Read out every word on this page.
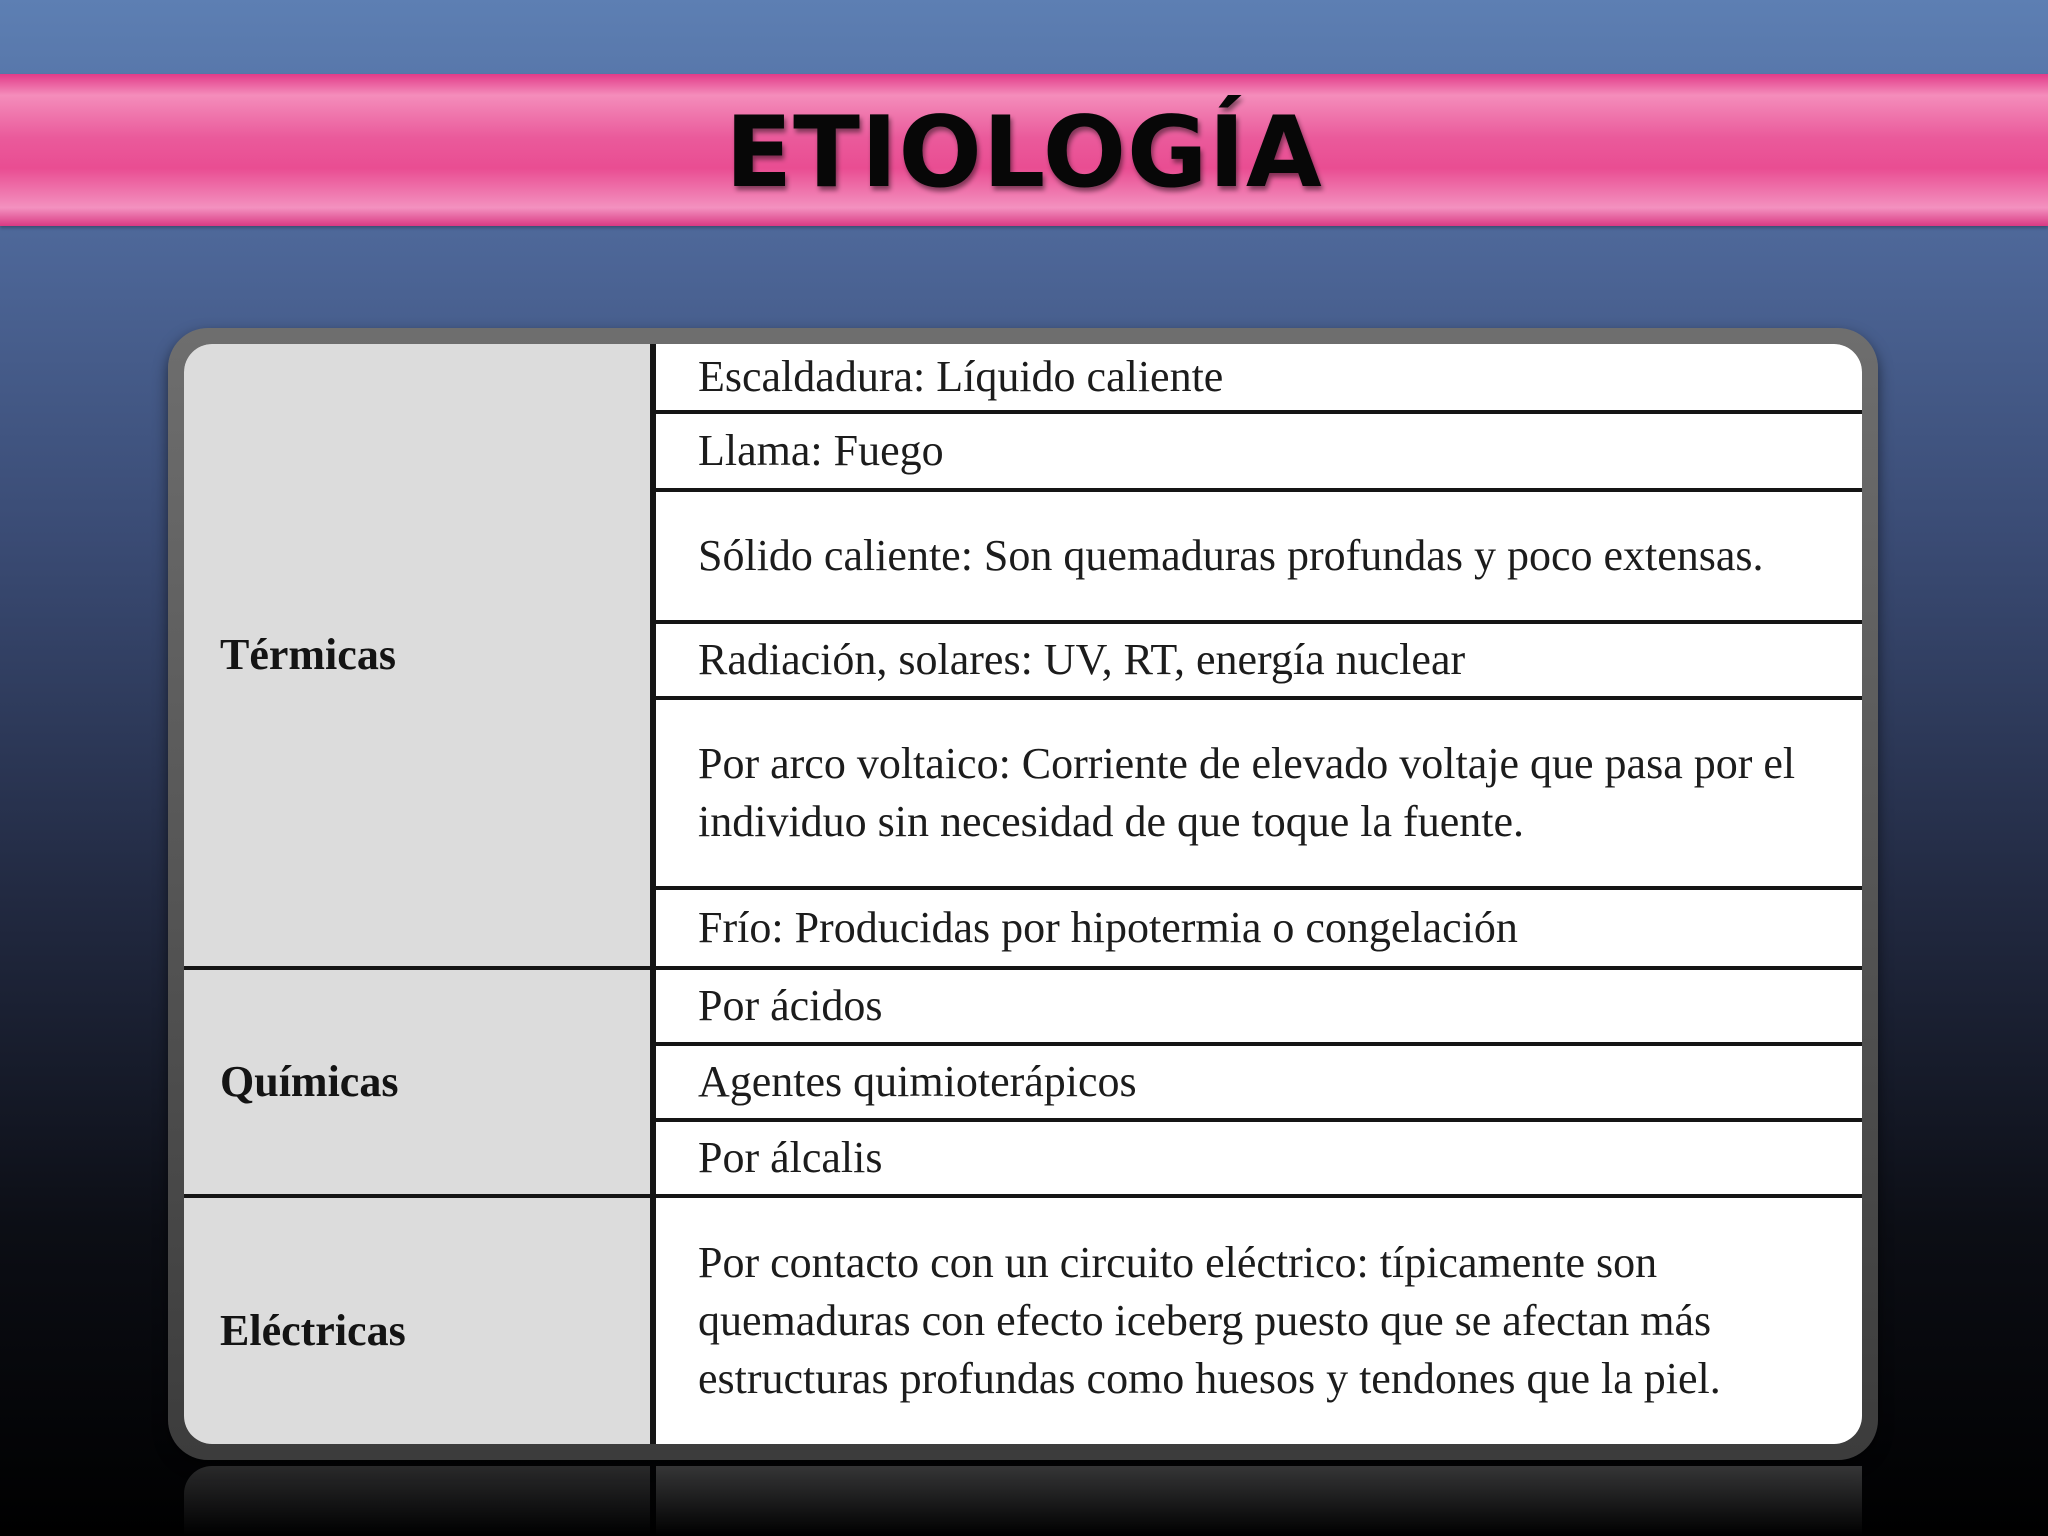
ETIOLOGÍA
Térmicas
Escaldadura: Líquido caliente
Llama: Fuego
Sólido caliente: Son quemaduras profundas y poco extensas.
Radiación, solares: UV, RT, energía nuclear
Por arco voltaico: Corriente de elevado voltaje que pasa por el individuo sin necesidad de que toque la fuente.
Frío: Producidas por hipotermia o congelación
Químicas
Por ácidos
Agentes quimioterápicos
Por álcalis
Eléctricas
Por contacto con un circuito eléctrico: típicamente son quemaduras con efecto iceberg puesto que se afectan más estructuras profundas como huesos y tendones que la piel.
